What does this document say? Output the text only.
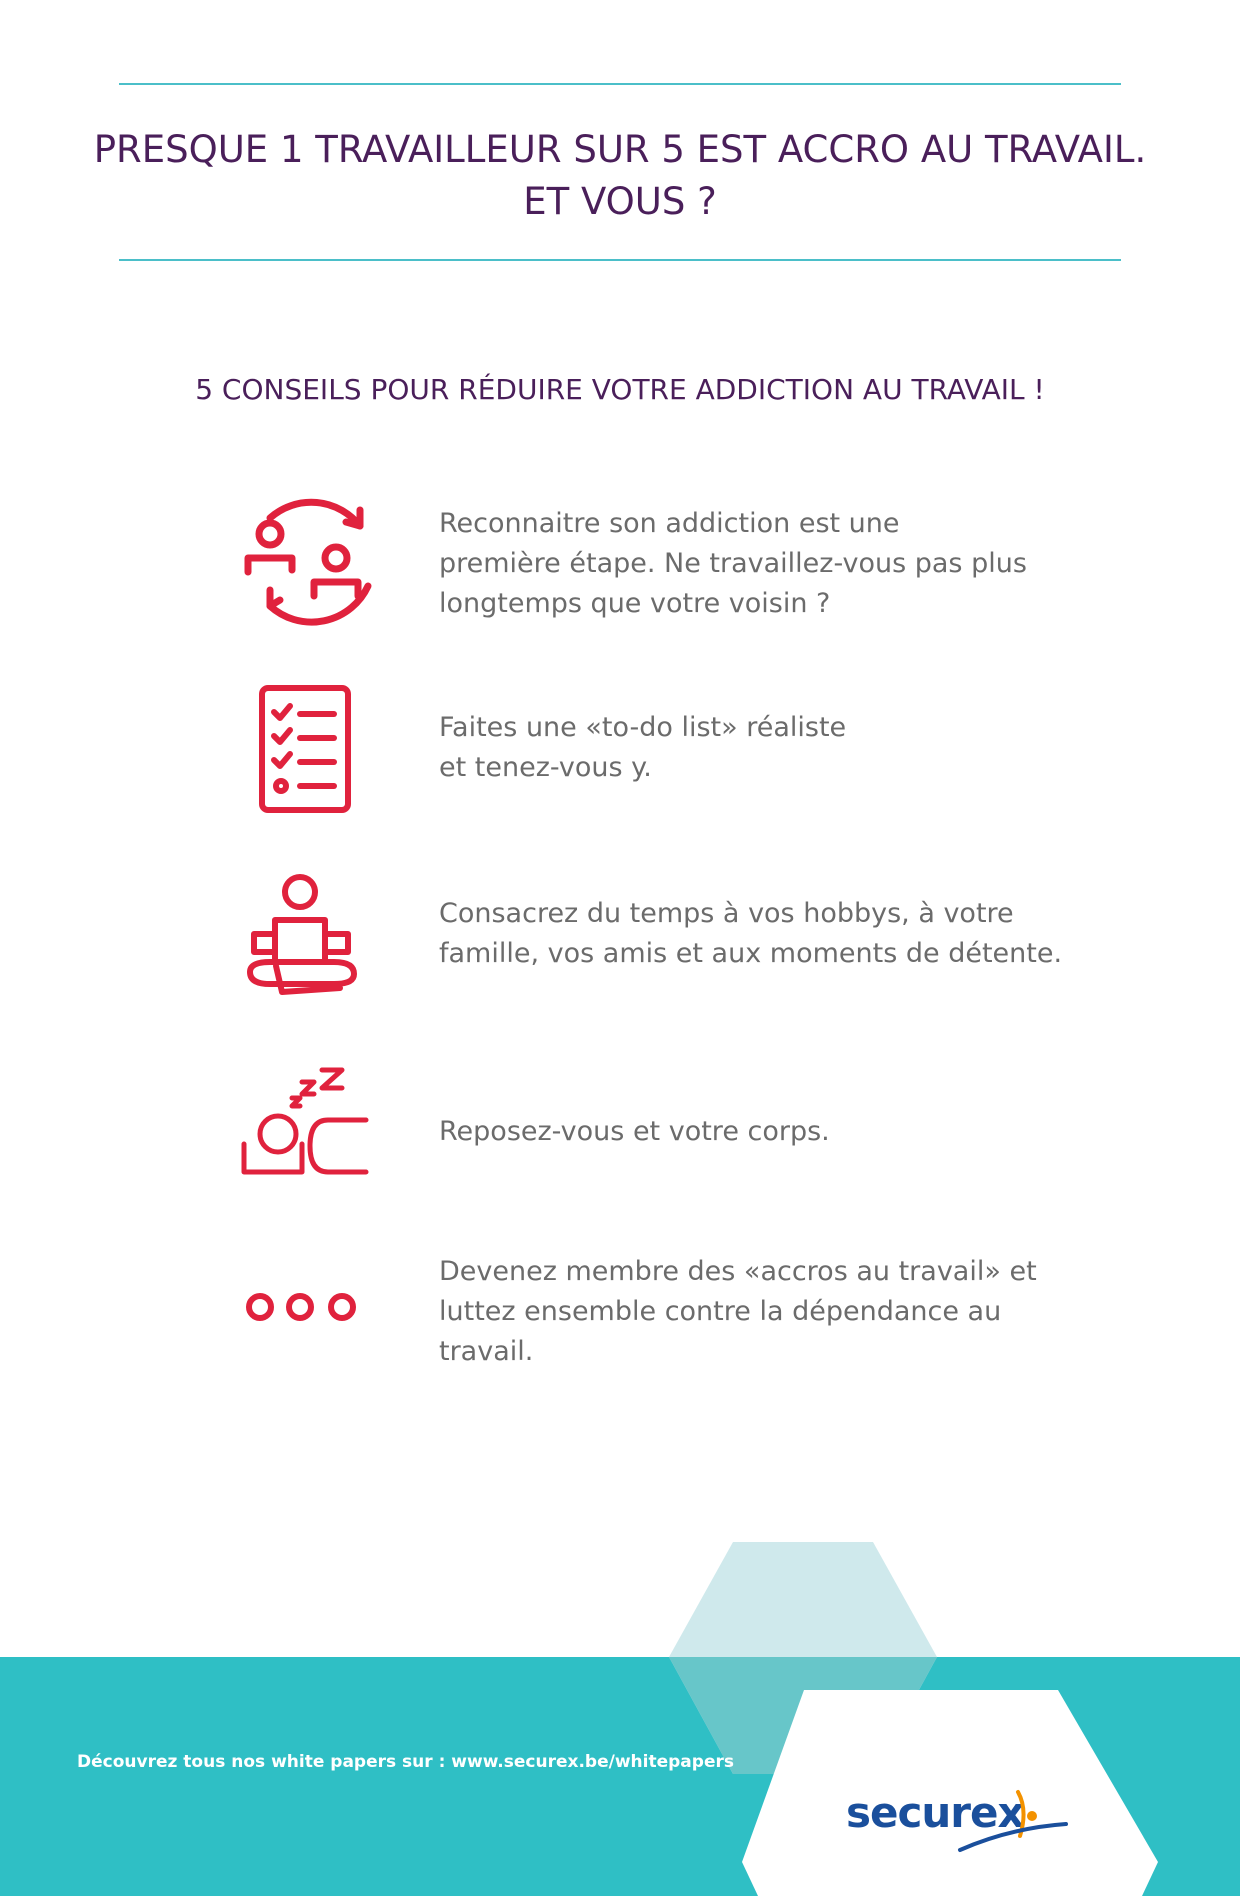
PRESQUE 1 TRAVAILLEUR SUR 5 EST ACCRO AU TRAVAIL.
ET VOUS ?
5 CONSEILS POUR RÉDUIRE VOTRE ADDICTION AU TRAVAIL !
Reconnaitre son addiction est une
première étape. Ne travaillez-vous pas plus
longtemps que votre voisin ?
Faites une «to-do list» réaliste
et tenez-vous y.
Consacrez du temps à vos hobbys, à votre
famille, vos amis et aux moments de détente.
Reposez-vous et votre corps.
Devenez membre des «accros au travail» et
luttez ensemble contre la dépendance au
travail.
Découvrez tous nos white papers sur : www.securex.be/whitepapers
securex
